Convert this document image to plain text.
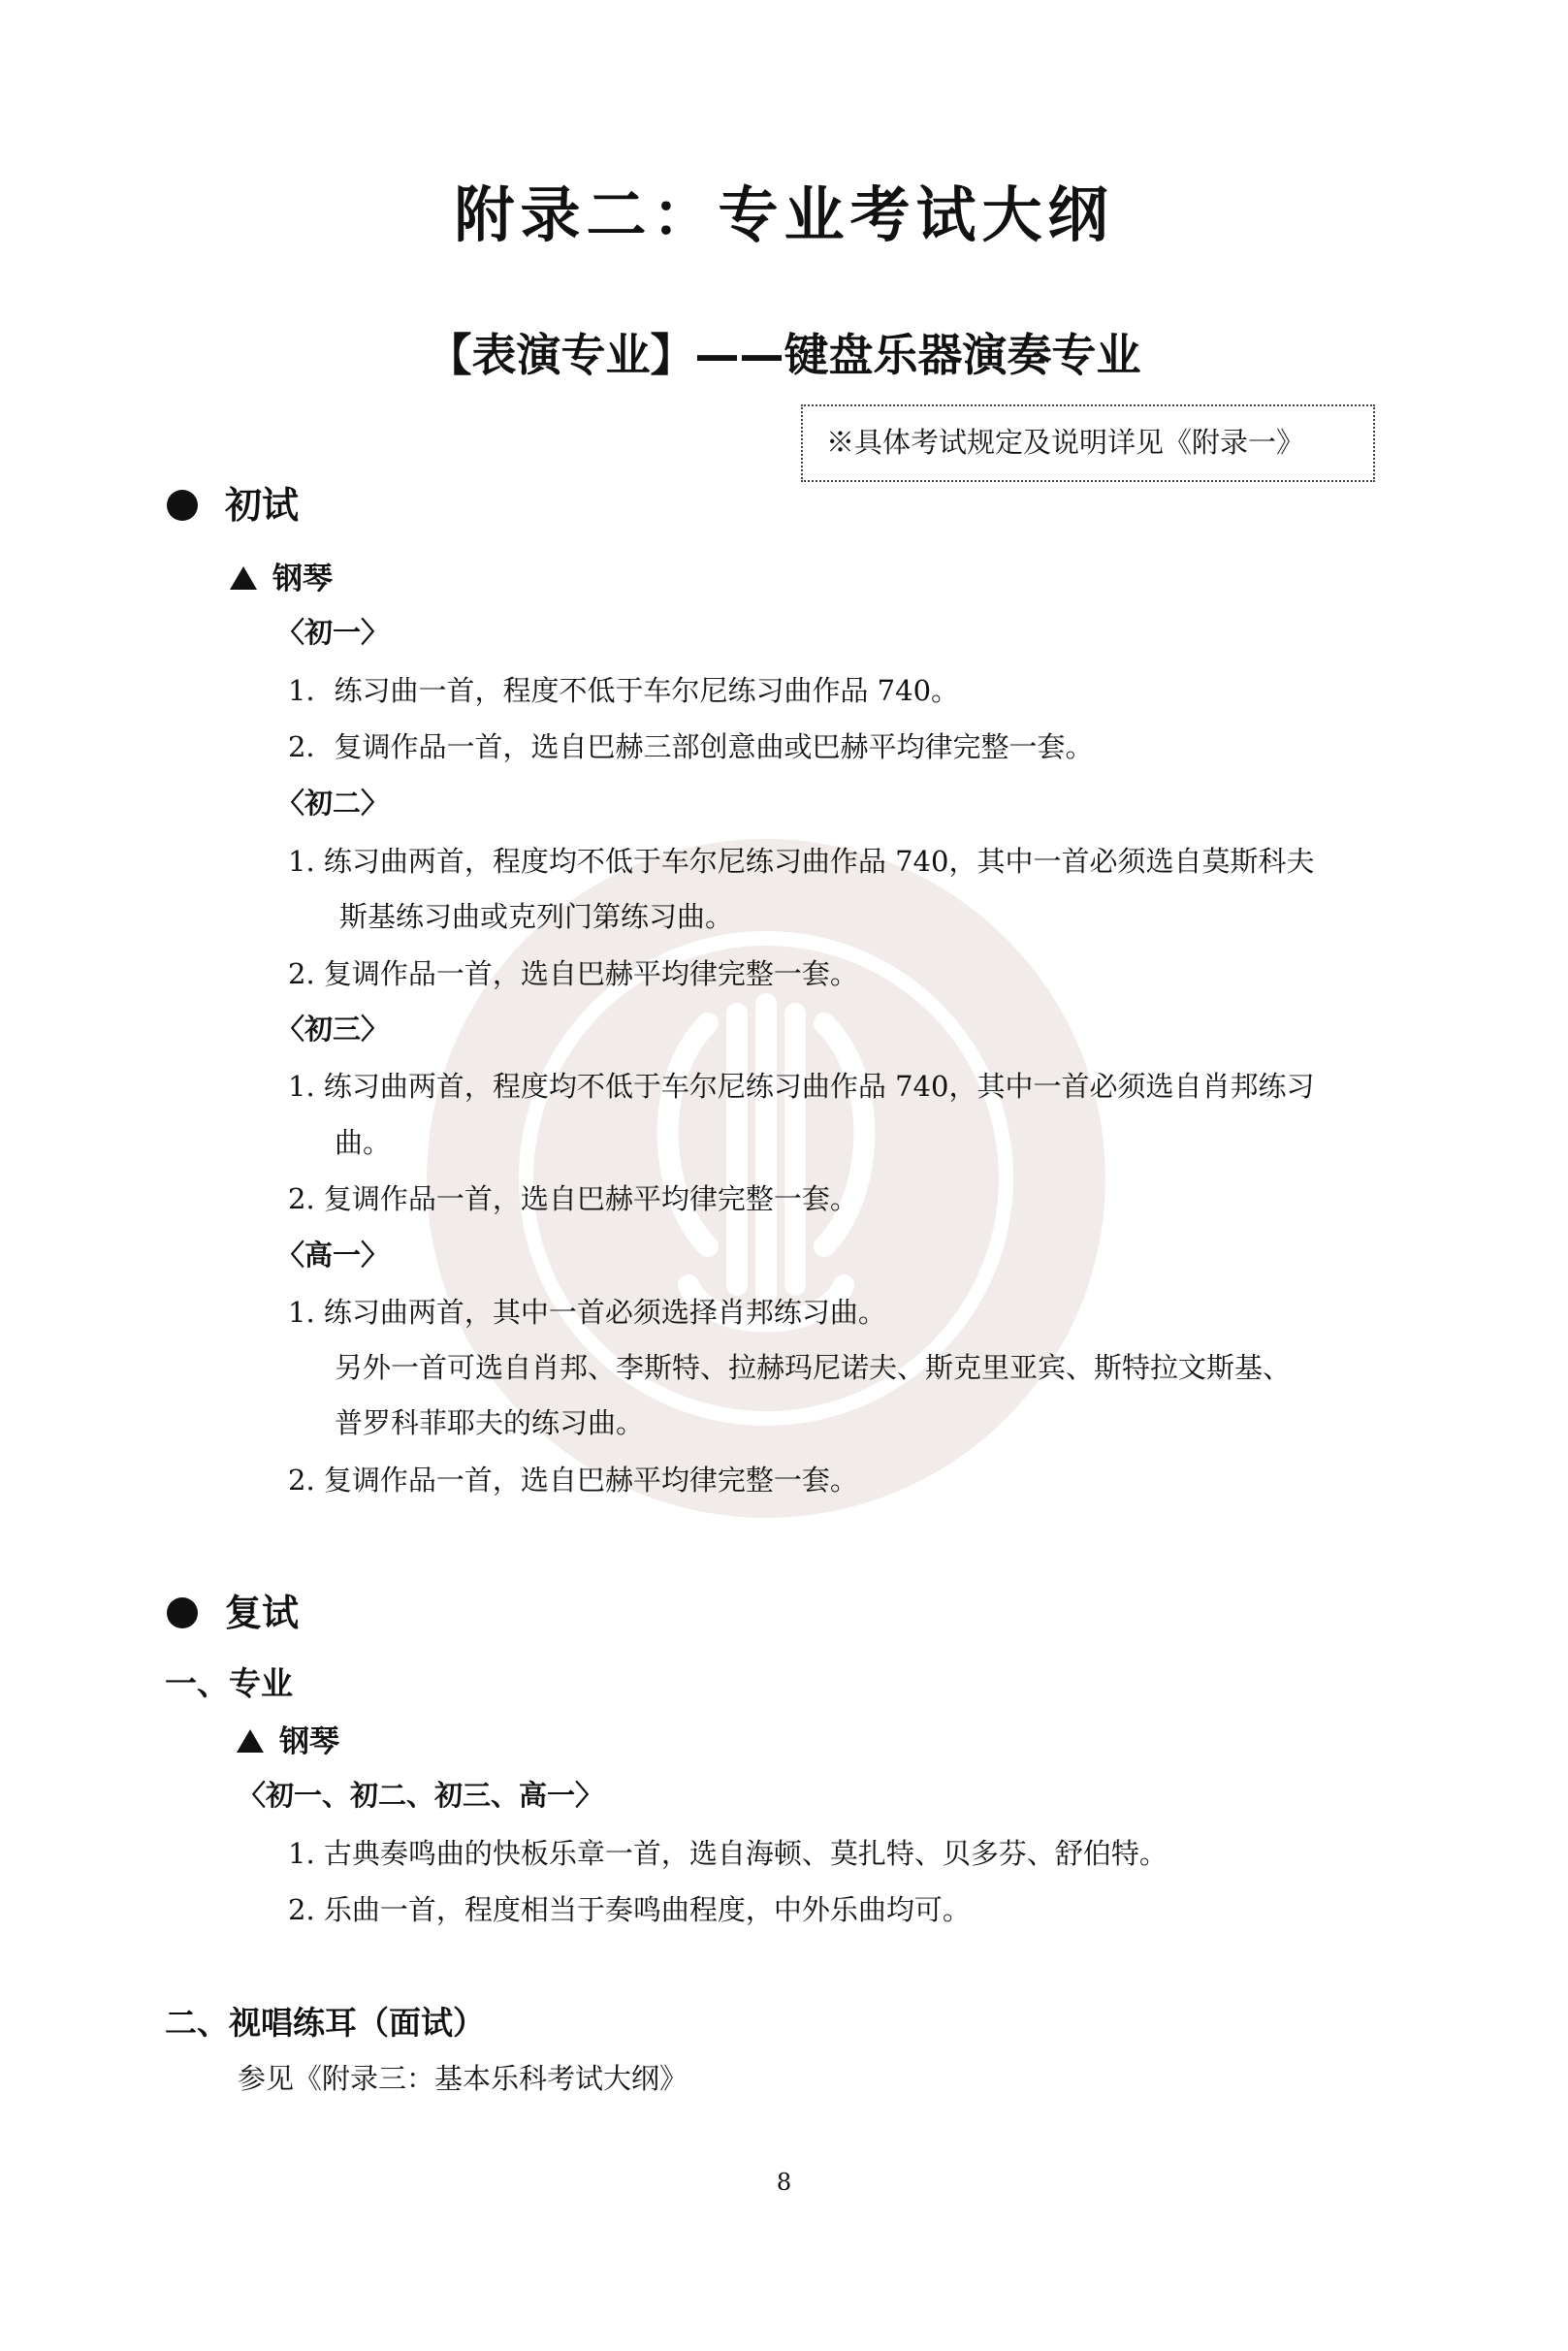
附录二：专业考试大纲
【表演专业】——键盘乐器演奏专业
※具体考试规定及说明详见《附录一》
初试
钢琴
〈初一〉
1．练习曲一首，程度不低于车尔尼练习曲作品 740。
2．复调作品一首，选自巴赫三部创意曲或巴赫平均律完整一套。
〈初二〉
1. 练习曲两首，程度均不低于车尔尼练习曲作品 740，其中一首必须选自莫斯科夫
斯基练习曲或克列门第练习曲。
2. 复调作品一首，选自巴赫平均律完整一套。
〈初三〉
1. 练习曲两首，程度均不低于车尔尼练习曲作品 740，其中一首必须选自肖邦练习
曲。
2. 复调作品一首，选自巴赫平均律完整一套。
〈高一〉
1. 练习曲两首，其中一首必须选择肖邦练习曲。
另外一首可选自肖邦、李斯特、拉赫玛尼诺夫、斯克里亚宾、斯特拉文斯基、
普罗科菲耶夫的练习曲。
2. 复调作品一首，选自巴赫平均律完整一套。
复试
一、专业
钢琴
〈初一、初二、初三、高一〉
1. 古典奏鸣曲的快板乐章一首，选自海顿、莫扎特、贝多芬、舒伯特。
2. 乐曲一首，程度相当于奏鸣曲程度，中外乐曲均可。
二、视唱练耳（面试）
参见《附录三：基本乐科考试大纲》
8
